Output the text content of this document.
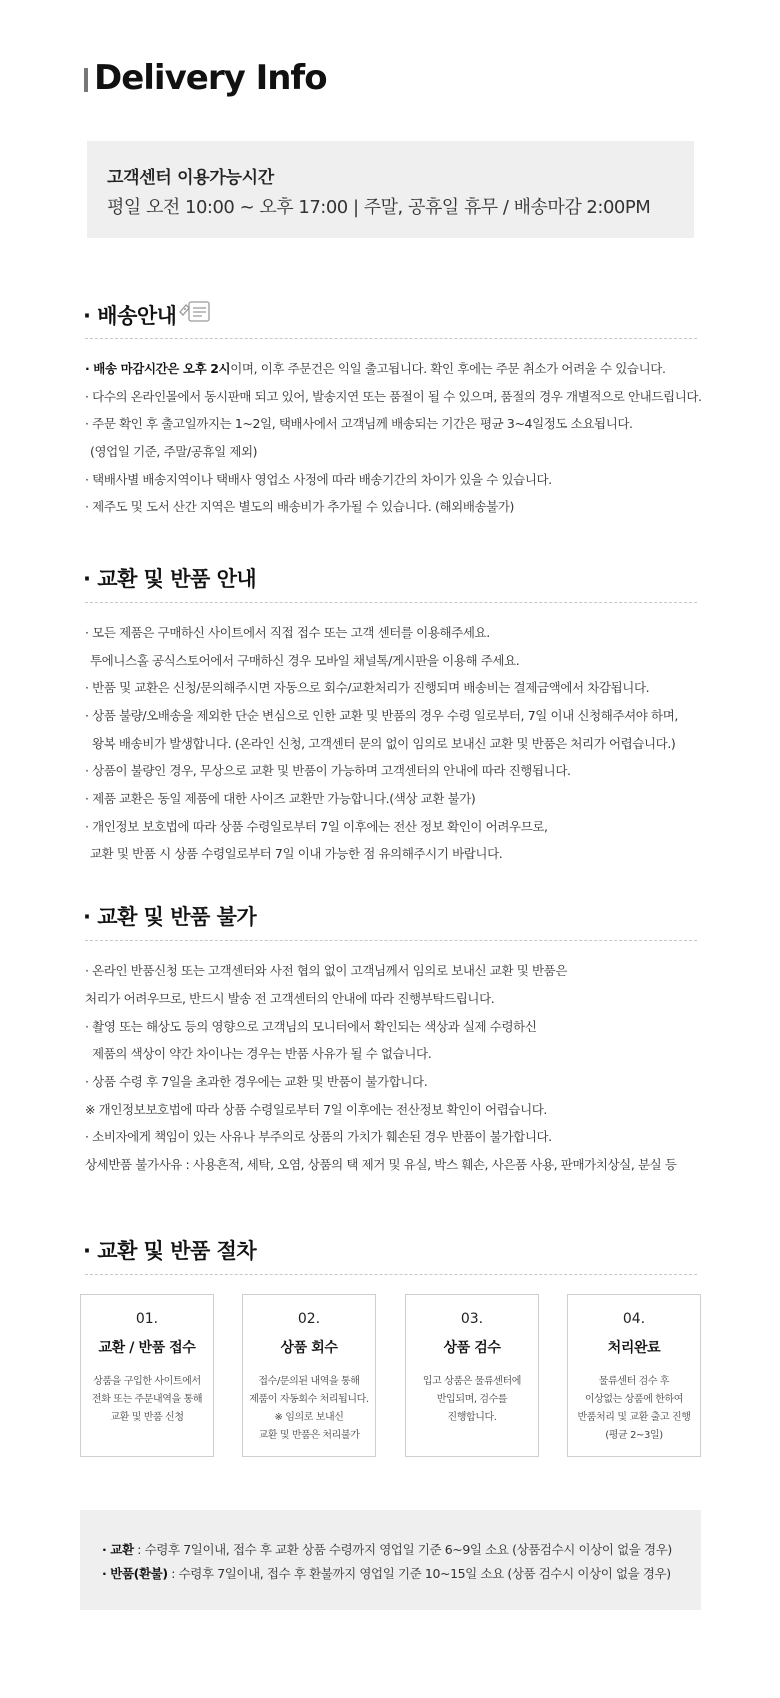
Delivery Info
고객센터 이용가능시간
평일 오전 10:00 ~ 오후 17:00 | 주말, 공휴일 휴무 / 배송마감 2:00PM
· 배송안내
· 배송 마감시간은 오후 2시이며, 이후 주문건은 익일 출고됩니다. 확인 후에는 주문 취소가 어려울 수 있습니다.
· 다수의 온라인몰에서 동시판매 되고 있어, 발송지연 또는 품절이 될 수 있으며, 품절의 경우 개별적으로 안내드립니다.
· 주문 확인 후 출고일까지는 1~2일, 택배사에서 고객님께 배송되는 기간은 평균 3~4일정도 소요됩니다.
(영업일 기준, 주말/공휴일 제외)
· 택배사별 배송지역이나 택배사 영업소 사정에 따라 배송기간의 차이가 있을 수 있습니다.
· 제주도 및 도서 산간 지역은 별도의 배송비가 추가될 수 있습니다. (해외배송불가)
· 교환 및 반품 안내
· 모든 제품은 구매하신 사이트에서 직접 접수 또는 고객 센터를 이용해주세요.
투에니스홀 공식스토어에서 구매하신 경우 모바일 채널톡/게시판을 이용해 주세요.
· 반품 및 교환은 신청/문의해주시면 자동으로 회수/교환처리가 진행되며 배송비는 결제금액에서 차감됩니다.
· 상품 불량/오배송을 제외한 단순 변심으로 인한 교환 및 반품의 경우 수령 일로부터, 7일 이내 신청해주셔야 하며,
왕복 배송비가 발생합니다. (온라인 신청, 고객센터 문의 없이 임의로 보내신 교환 및 반품은 처리가 어렵습니다.)
· 상품이 불량인 경우, 무상으로 교환 및 반품이 가능하며 고객센터의 안내에 따라 진행됩니다.
· 제품 교환은 동일 제품에 대한 사이즈 교환만 가능합니다.(색상 교환 불가)
· 개인정보 보호법에 따라 상품 수령일로부터 7일 이후에는 전산 정보 확인이 어려우므로,
교환 및 반품 시 상품 수령일로부터 7일 이내 가능한 점 유의해주시기 바랍니다.
· 교환 및 반품 불가
· 온라인 반품신청 또는 고객센터와 사전 협의 없이 고객님께서 임의로 보내신 교환 및 반품은
처리가 어려우므로, 반드시 발송 전 고객센터의 안내에 따라 진행부탁드립니다.
· 촬영 또는 해상도 등의 영향으로 고객님의 모니터에서 확인되는 색상과 실제 수령하신
제품의 색상이 약간 차이나는 경우는 반품 사유가 될 수 없습니다.
· 상품 수령 후 7일을 초과한 경우에는 교환 및 반품이 불가합니다.
※ 개인정보보호법에 따라 상품 수령일로부터 7일 이후에는 전산정보 확인이 어렵습니다.
· 소비자에게 책임이 있는 사유나 부주의로 상품의 가치가 훼손된 경우 반품이 불가합니다.
상세반품 불가사유 : 사용흔적, 세탁, 오염, 상품의 택 제거 및 유실, 박스 훼손, 사은품 사용, 판매가치상실, 분실 등
· 교환 및 반품 절차
01.
교환 / 반품 접수
상품을 구입한 사이트에서
전화 또는 주문내역을 통해
교환 및 반품 신청
02.
상품 회수
접수/문의된 내역을 통해
제품이 자동회수 처리됩니다.
※ 임의로 보내신
교환 및 반품은 처리불가
03.
상품 검수
입고 상품은 물류센터에
반입되며, 검수를
진행합니다.
04.
처리완료
물류센터 검수 후
이상없는 상품에 한하여
반품처리 및 교환 출고 진행
(평균 2~3일)
· 교환 : 수령후 7일이내, 접수 후 교환 상품 수령까지 영업일 기준 6~9일 소요 (상품검수시 이상이 없을 경우)
· 반품(환불) : 수령후 7일이내, 접수 후 환불까지 영업일 기준 10~15일 소요 (상품 검수시 이상이 없을 경우)
